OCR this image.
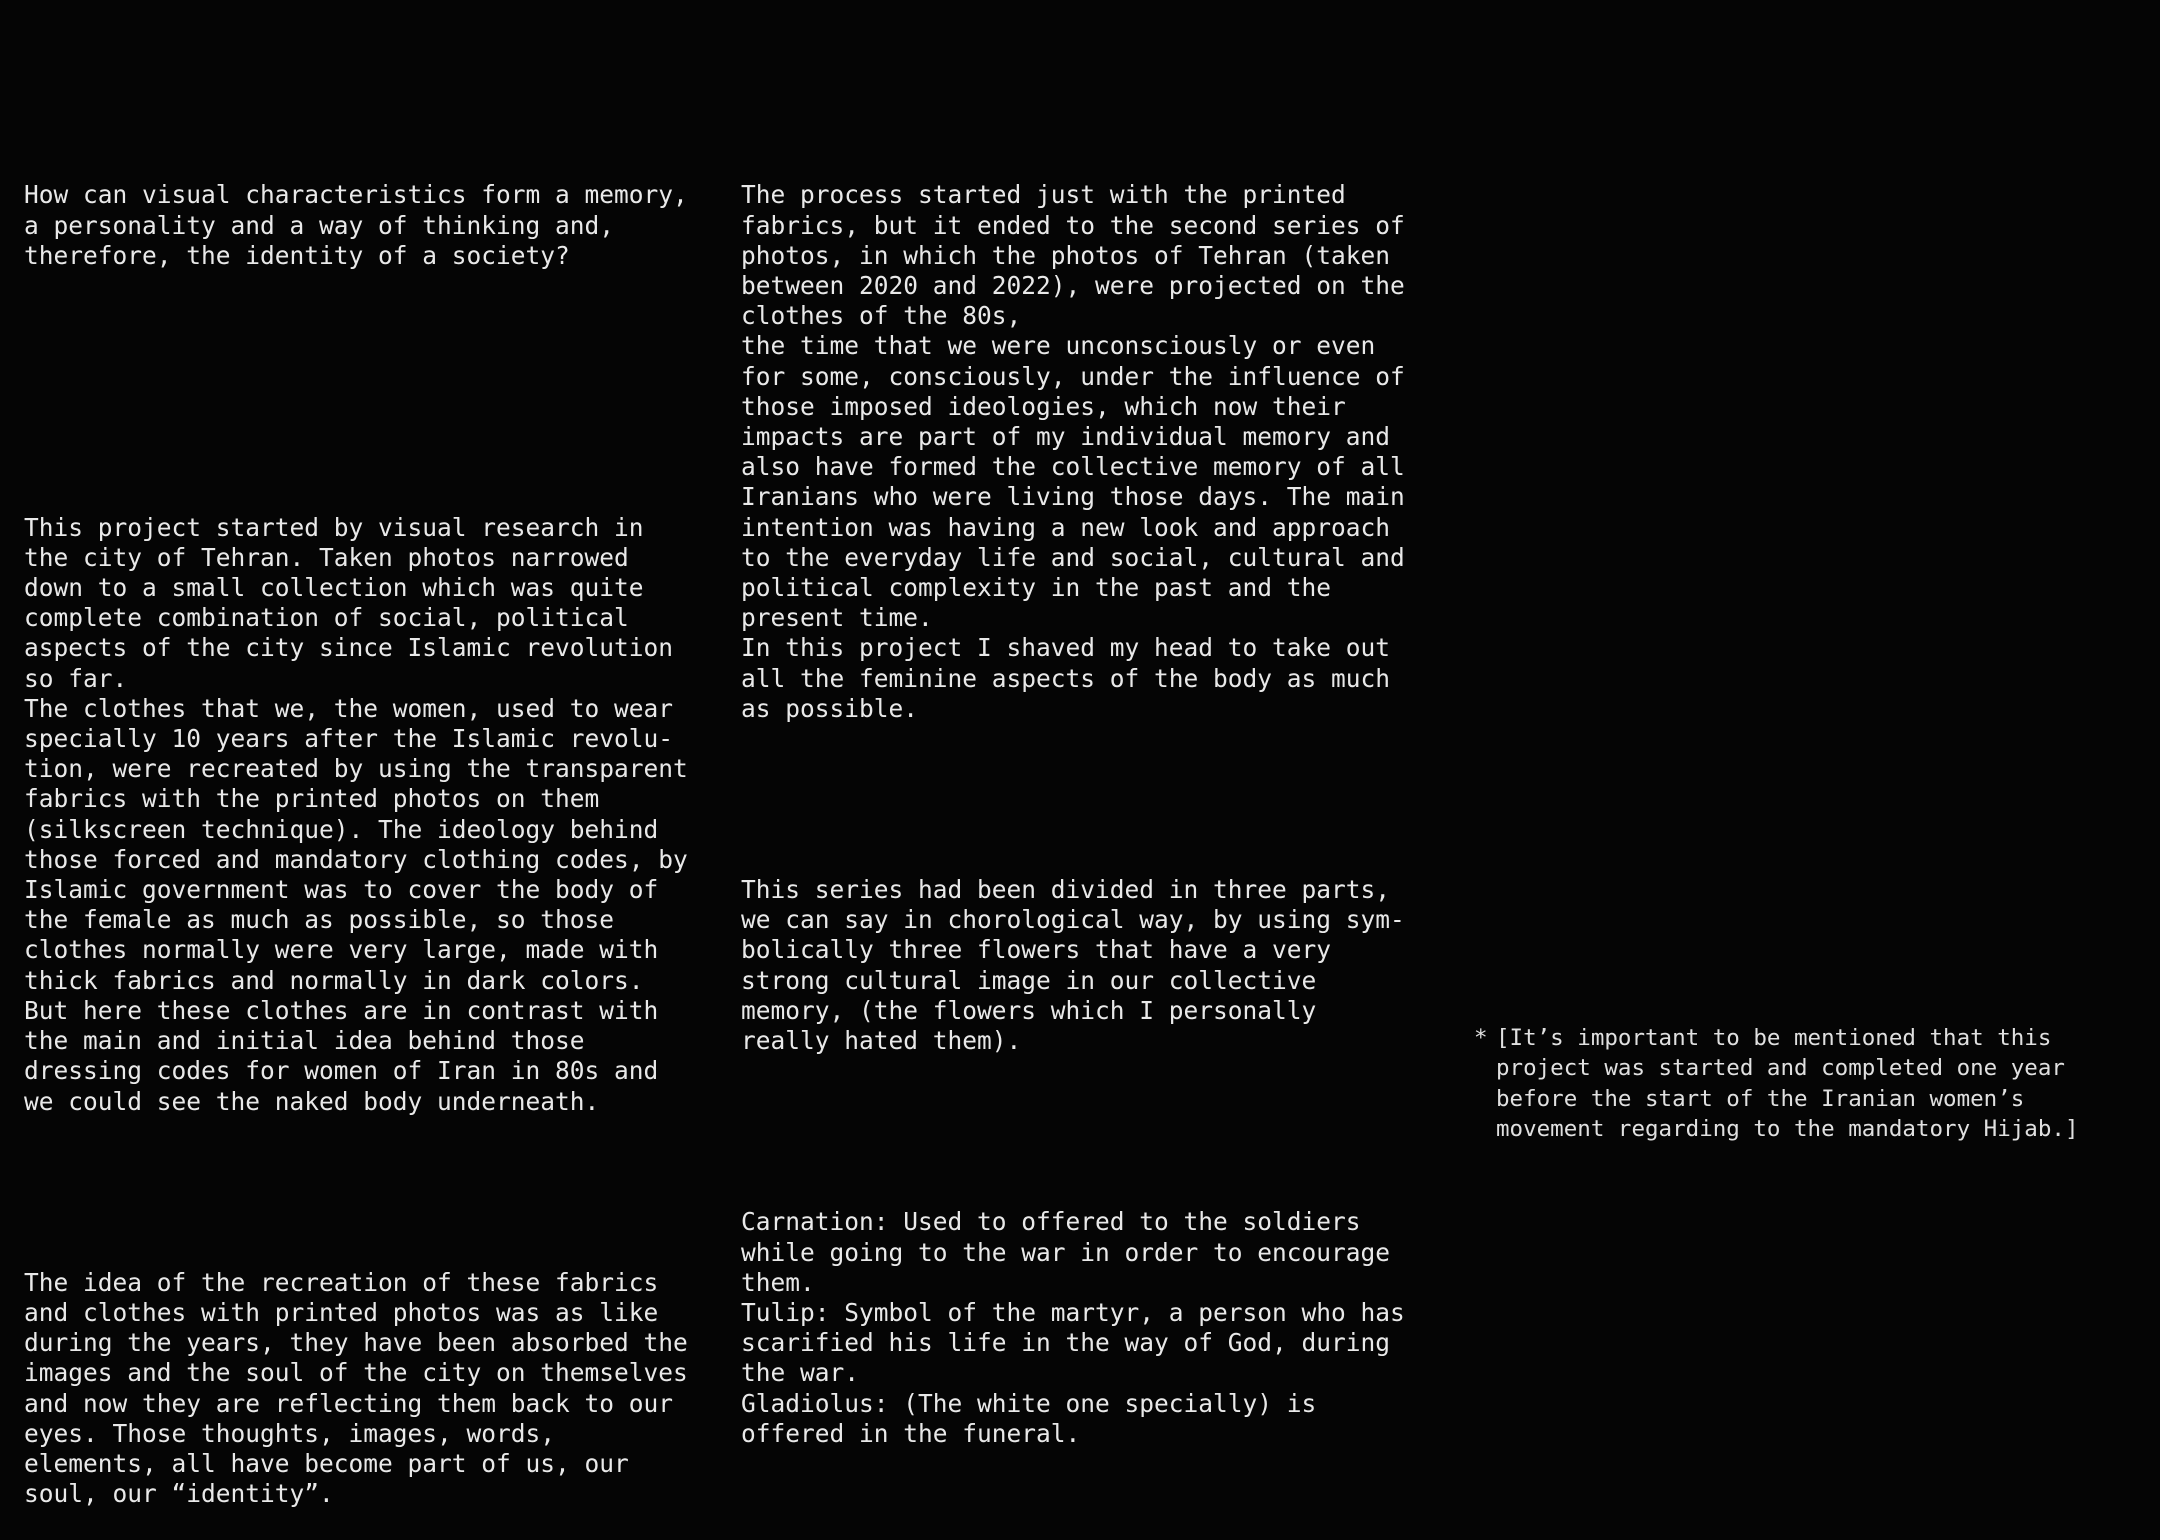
How can visual characteristics form a memory,
a personality and a way of thinking and,
therefore, the identity of a society?

This project started by visual research in
the city of Tehran. Taken photos narrowed
down to a small collection which was quite
complete combination of social, political
aspects of the city since Islamic revolution
so far.
The clothes that we, the women, used to wear
specially 10 years after the Islamic revolu-
tion, were recreated by using the transparent
fabrics with the printed photos on them
(silkscreen technique). The ideology behind
those forced and mandatory clothing codes, by
Islamic government was to cover the body of
the female as much as possible, so those
clothes normally were very large, made with
thick fabrics and normally in dark colors.
But here these clothes are in contrast with
the main and initial idea behind those
dressing codes for women of Iran in 80s and
we could see the naked body underneath.

The idea of the recreation of these fabrics
and clothes with printed photos was as like
during the years, they have been absorbed the
images and the soul of the city on themselves
and now they are reflecting them back to our
eyes. Those thoughts, images, words,
elements, all have become part of us, our
soul, our “identity”.

The process started just with the printed
fabrics, but it ended to the second series of
photos, in which the photos of Tehran (taken
between 2020 and 2022), were projected on the
clothes of the 80s,
the time that we were unconsciously or even
for some, consciously, under the influence of
those imposed ideologies, which now their
impacts are part of my individual memory and
also have formed the collective memory of all
Iranians who were living those days. The main
intention was having a new look and approach
to the everyday life and social, cultural and
political complexity in the past and the
present time.
In this project I shaved my head to take out
all the feminine aspects of the body as much
as possible.

This series had been divided in three parts,
we can say in chorological way, by using sym-
bolically three flowers that have a very
strong cultural image in our collective
memory, (the flowers which I personally
really hated them).

Carnation: Used to offered to the soldiers
while going to the war in order to encourage
them.
Tulip: Symbol of the martyr, a person who has
scarified his life in the way of God, during
the war.
Gladiolus: (The white one specially) is
offered in the funeral.

* [It’s important to be mentioned that this
project was started and completed one year
before the start of the Iranian women’s
movement regarding to the mandatory Hijab.]
